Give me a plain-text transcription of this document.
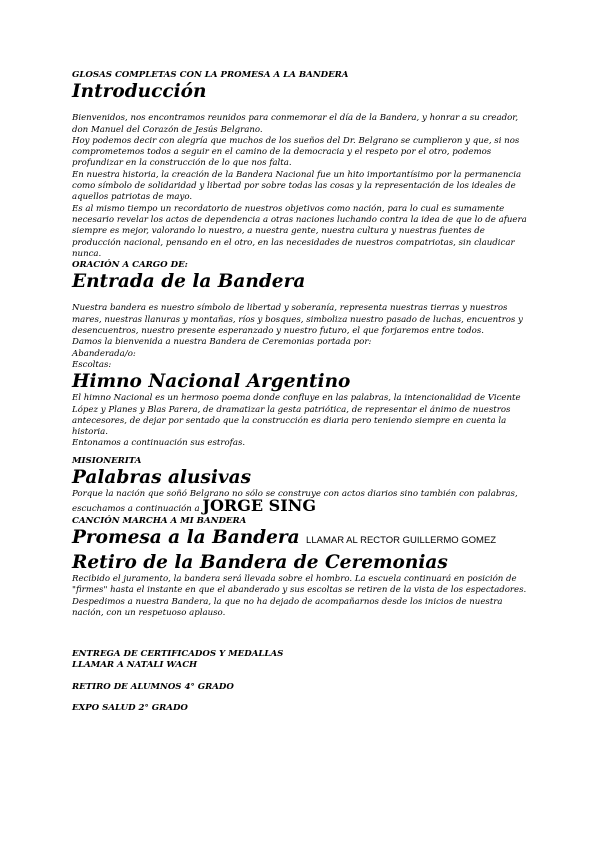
GLOSAS COMPLETAS CON LA PROMESA A LA BANDERA
Introducción

Bienvenidos, nos encontramos reunidos para conmemorar el día de la Bandera, y honrar a su creador, don Manuel del Corazón de Jesús Belgrano.

Hoy podemos decir con alegría que muchos de los sueños del Dr. Belgrano se cumplieron y que, si nos comprometemos todos a seguir en el camino de la democracia y el respeto por el otro, podemos profundizar en la construcción de lo que nos falta.

En nuestra historia, la creación de la Bandera Nacional fue un hito importantísimo por la permanencia como símbolo de solidaridad y libertad por sobre todas las cosas y la representación de los ideales de aquellos patriotas de mayo.

Es al mismo tiempo un recordatorio de nuestros objetivos como nación, para lo cual es sumamente necesario revelar los actos de dependencia a otras naciones luchando contra la idea de que lo de afuera siempre es mejor, valorando lo nuestro, a nuestra gente, nuestra cultura y nuestras fuentes de producción nacional, pensando en el otro, en las necesidades de nuestros compatriotas, sin claudicar nunca.

ORACIÓN A CARGO DE:
Entrada de la Bandera

Nuestra bandera es nuestro símbolo de libertad y soberanía, representa nuestras tierras y nuestros mares, nuestras llanuras y montañas, ríos y bosques, simboliza nuestro pasado de luchas, encuentros y desencuentros, nuestro presente esperanzado y nuestro futuro, el que forjaremos entre todos.

Damos la bienvenida a nuestra Bandera de Ceremonias portada por:

Abanderada/o:

Escoltas:

Himno Nacional Argentino

El himno Nacional es un hermoso poema donde confluye en las palabras, la intencionalidad de Vicente López y Planes y Blas Parera, de dramatizar la gesta patriótica, de representar el ánimo de nuestros antecesores, de dejar por sentado que la construcción es diaria pero teniendo siempre en cuenta la historia.

Entonamos a continuación sus estrofas.

MISIONERITA
Palabras alusivas

Porque la nación que soñó Belgrano no sólo se construye con actos diarios sino también con palabras, escuchamos a continuación a JORGE SING

CANCIÓN MARCHA A MI BANDERA
Promesa a la Bandera LLAMAR AL RECTOR GUILLERMO GOMEZ
Retiro de la Bandera de Ceremonias

Recibido el juramento, la bandera será llevada sobre el hombro. La escuela continuará en posición de "firmes" hasta el instante en que el abanderado y sus escoltas se retiren de la vista de los espectadores.

Despedimos a nuestra Bandera, la que no ha dejado de acompañarnos desde los inicios de nuestra nación, con un respetuoso aplauso.

ENTREGA DE CERTIFICADOS Y MEDALLAS
LLAMAR A NATALI WACH
RETIRO DE ALUMNOS 4° GRADO
EXPO SALUD 2° GRADO
